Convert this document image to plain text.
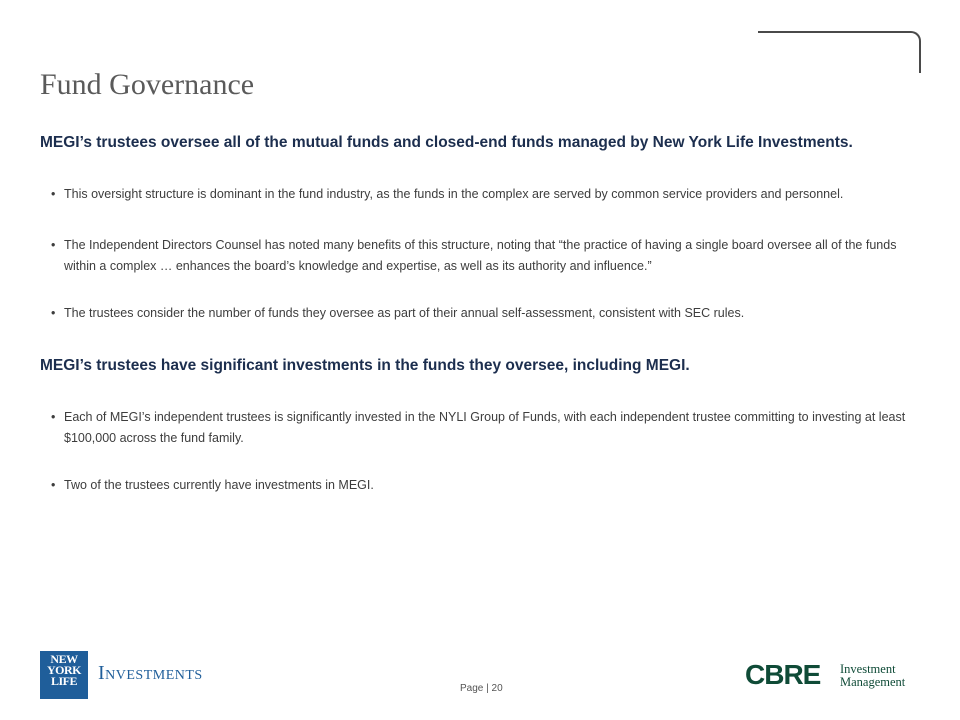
Fund Governance

MEGI’s trustees oversee all of the mutual funds and closed-end funds managed by New York Life Investments.

• This oversight structure is dominant in the fund industry, as the funds in the complex are served by common service providers and personnel.

• The Independent Directors Counsel has noted many benefits of this structure, noting that “the practice of having a single board oversee all of the funds within a complex … enhances the board’s knowledge and expertise, as well as its authority and influence.”

• The trustees consider the number of funds they oversee as part of their annual self-assessment, consistent with SEC rules.

MEGI’s trustees have significant investments in the funds they oversee, including MEGI.

• Each of MEGI’s independent trustees is significantly invested in the NYLI Group of Funds, with each independent trustee committing to investing at least $100,000 across the fund family.

• Two of the trustees currently have investments in MEGI.

NEW
YORK
LIFE	Investments
Page | 20	CBRE Investment
Management
